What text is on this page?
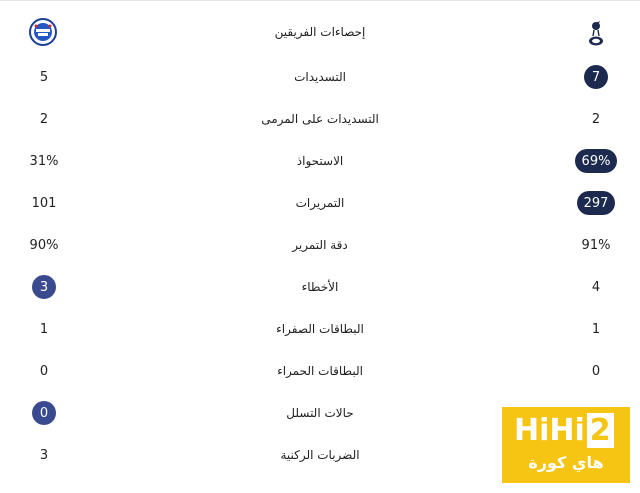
إحصاءات الفريقين
5	التسديدات	7
2	التسديدات على المرمى	2
31%	الاستحواذ	69%
101	التمريرات	297
90%	دقة التمرير	91%
3	الأخطاء	4
1	البطاقات الصفراء	1
0	البطاقات الحمراء	0
0	حالات التسلل
3	الضربات الركنية
HiHi 2
هاي كورة
